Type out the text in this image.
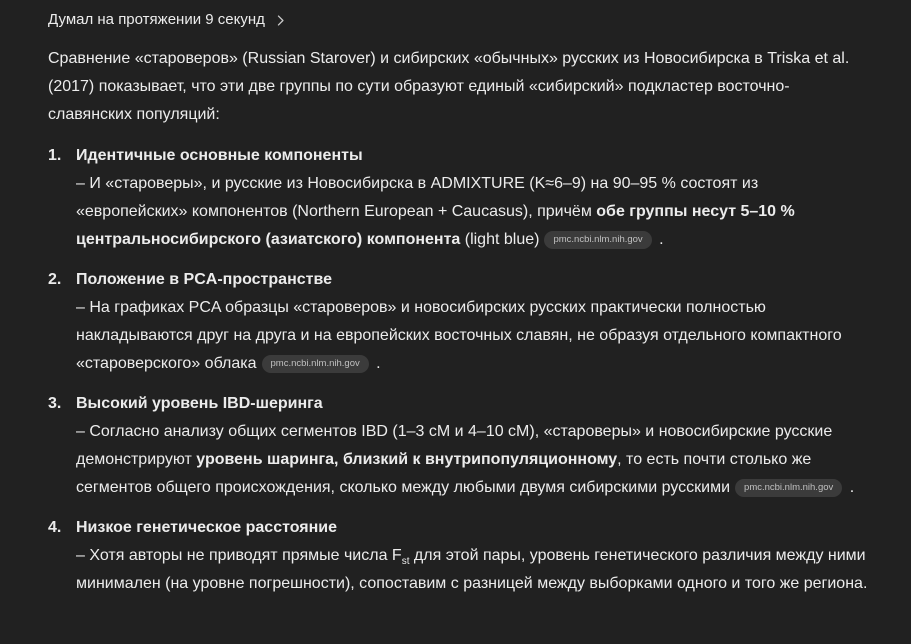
Думал на протяжении 9 секунд

Сравнение «староверов» (Russian Starover) и сибирских «обычных» русских из Новосибирска в Triska et al. (2017) показывает, что эти две группы по сути образуют единый «сибирский» подкластер восточно-славянских популяций:

1. Идентичные основные компоненты
– И «староверы», и русские из Новосибирска в ADMIXTURE (K≈6–9) на 90–95 % состоят из «европейских» компонентов (Northern European + Caucasus), причём обе группы несут 5–10 % центральносибирского (азиатского) компонента (light blue) pmc.ncbi.nlm.nih.gov .
2. Положение в PCA-пространстве
– На графиках PCA образцы «староверов» и новосибирских русских практически полностью накладываются друг на друга и на европейских восточных славян, не образуя отдельного компактного «староверского» облака pmc.ncbi.nlm.nih.gov .
3. Высокий уровень IBD-шеринга
– Согласно анализу общих сегментов IBD (1–3 cM и 4–10 cM), «староверы» и новосибирские русские демонстрируют уровень шаринга, близкий к внутрипопуляционному, то есть почти столько же сегментов общего происхождения, сколько между любыми двумя сибирскими русскими pmc.ncbi.nlm.nih.gov .
4. Низкое генетическое расстояние
– Хотя авторы не приводят прямые числа $F_{st}$ для этой пары, уровень генетического различия между ними минимален (на уровне погрешности), сопоставим с разницей между выборками одного и того же региона.
